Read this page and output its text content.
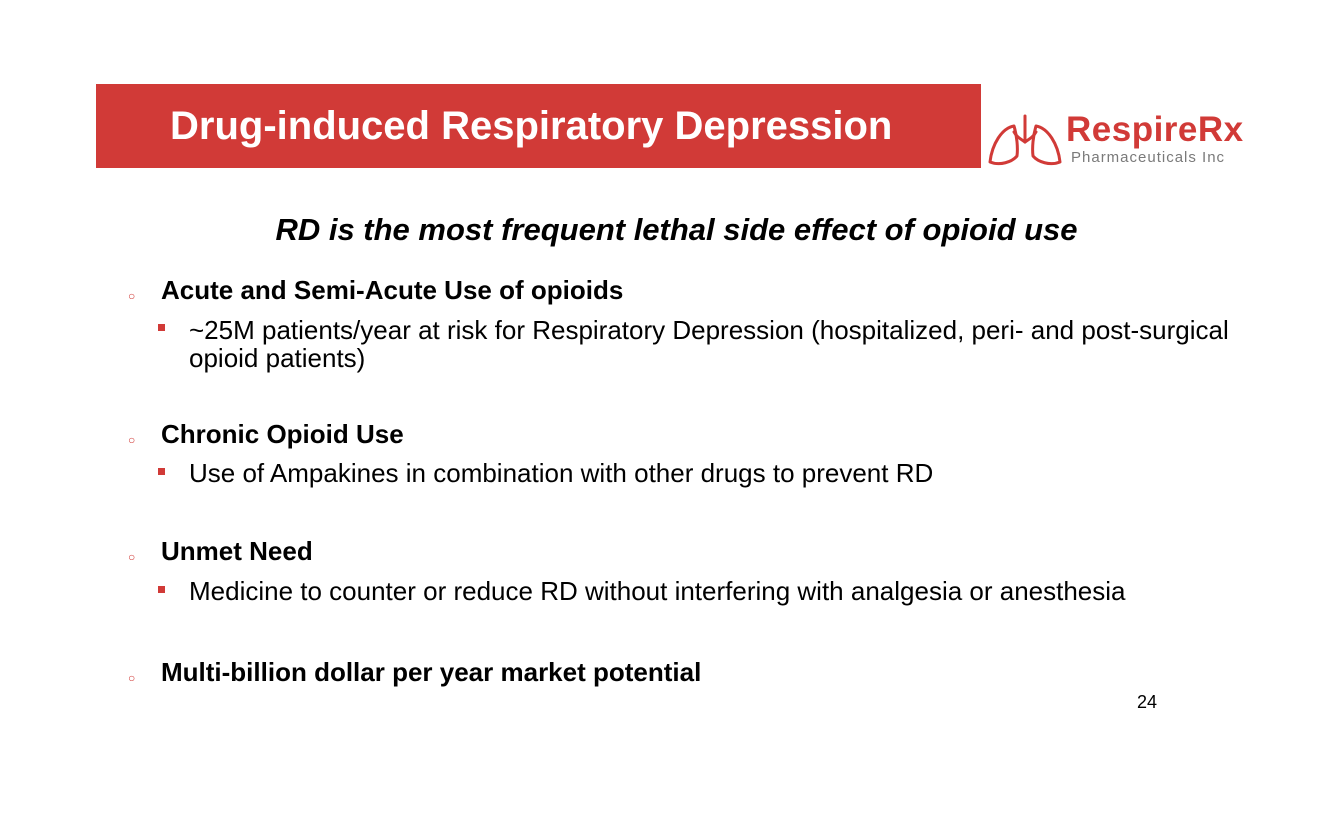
Drug-induced Respiratory Depression	RespireRx
Pharmaceuticals Inc
RD is the most frequent lethal side effect of opioid use
○ Acute and Semi-Acute Use of opioids
~25M patients/year at risk for Respiratory Depression (hospitalized, peri- and post-surgical opioid patients)
○ Chronic Opioid Use
Use of Ampakines in combination with other drugs to prevent RD
○ Unmet Need
Medicine to counter or reduce RD without interfering with analgesia or anesthesia
○ Multi-billion dollar per year market potential
24
